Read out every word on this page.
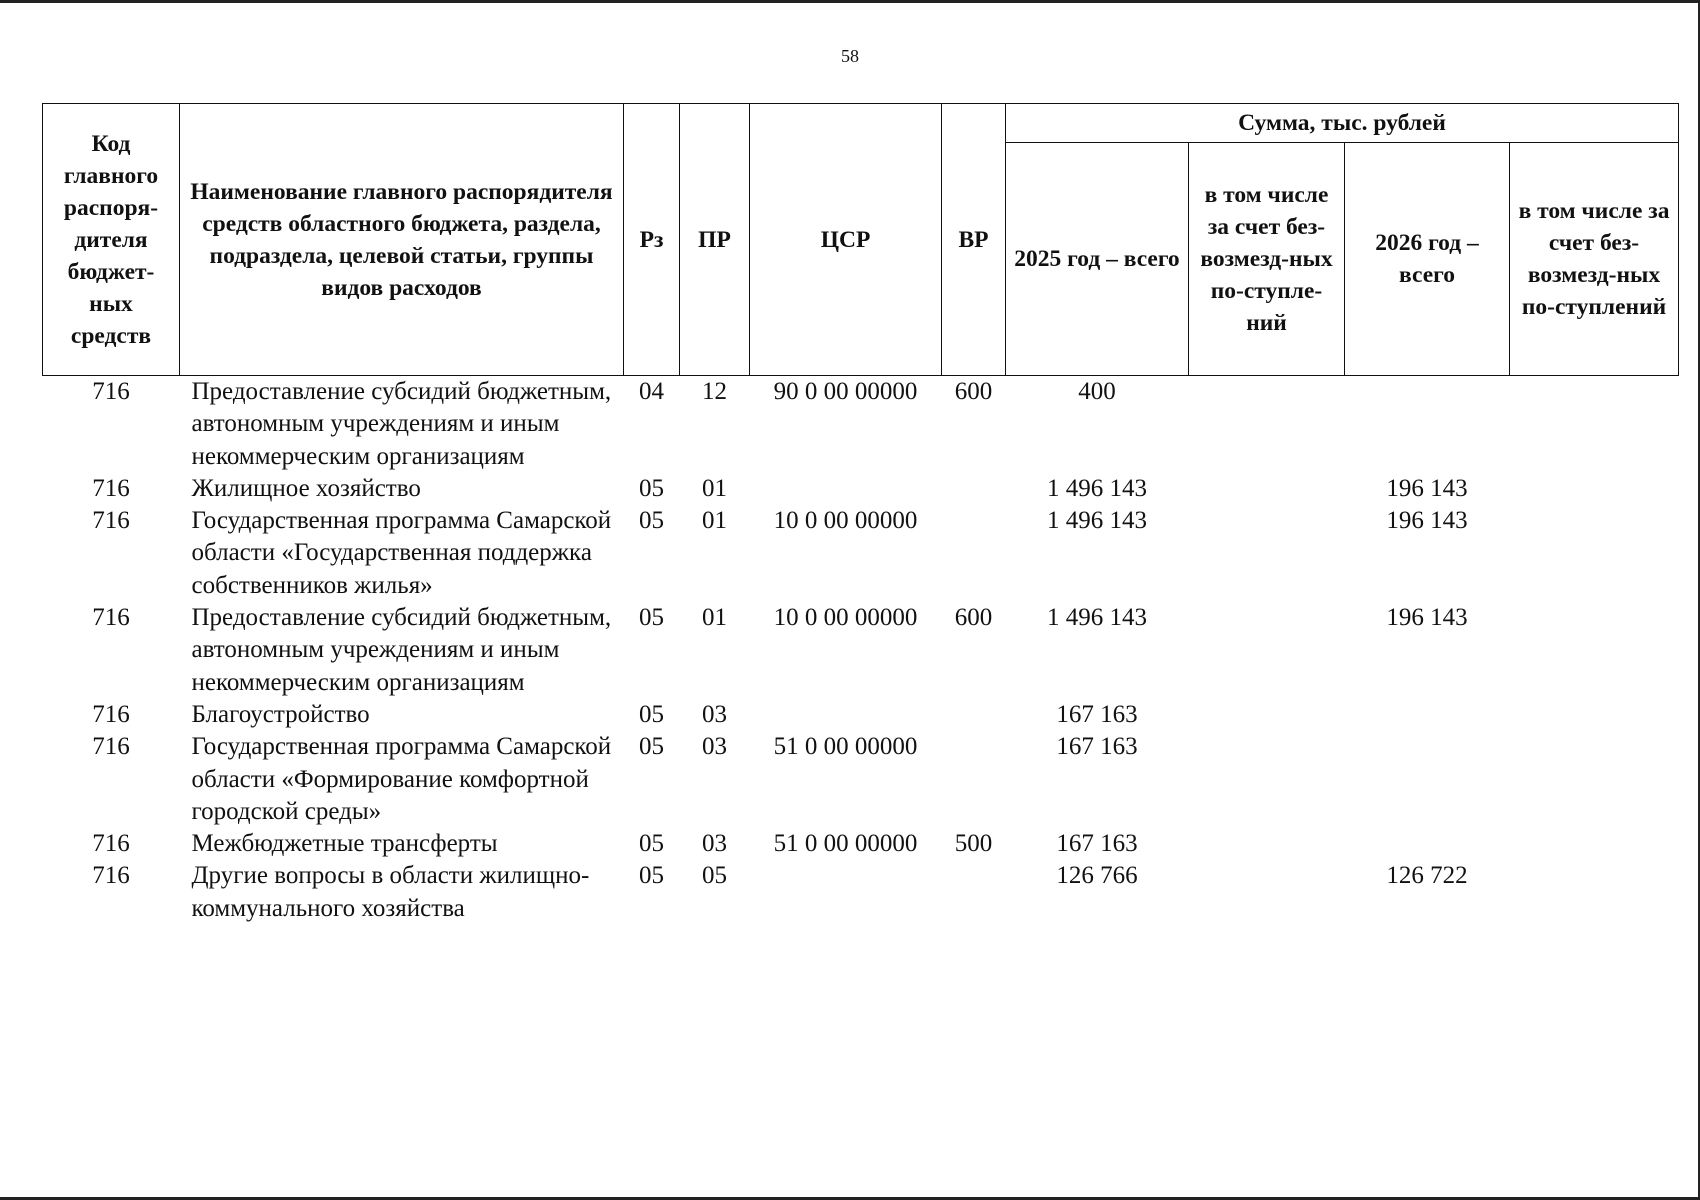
58
Код главного распоря-дителя бюджет-ных средств	Наименование главного распорядителя средств областного бюджета, раздела, подраздела, целевой статьи, группы видов расходов	Рз	ПР	ЦСР	ВР	Сумма, тыс. рублей			
						2025 год – всего	в том числе за счет без-возмезд-ных по-ступле-ний	2026 год – всего	в том числе за счет без-возмезд-ных по-ступлений
716	Предоставление субсидий бюджетным, автономным учреждениям и иным некоммерческим организациям	04	12	90 0 00 00000	600	400			
716	Жилищное хозяйство	05	01			1 496 143		196 143	
716	Государственная программа Самарской области «Государственная поддержка собственников жилья»	05	01	10 0 00 00000		1 496 143		196 143	
716	Предоставление субсидий бюджетным, автономным учреждениям и иным некоммерческим организациям	05	01	10 0 00 00000	600	1 496 143		196 143	
716	Благоустройство	05	03			167 163			
716	Государственная программа Самарской области «Формирование комфортной городской среды»	05	03	51 0 00 00000		167 163			
716	Межбюджетные трансферты	05	03	51 0 00 00000	500	167 163			
716	Другие вопросы в области жилищно-коммунального хозяйства	05	05			126 766		126 722	
